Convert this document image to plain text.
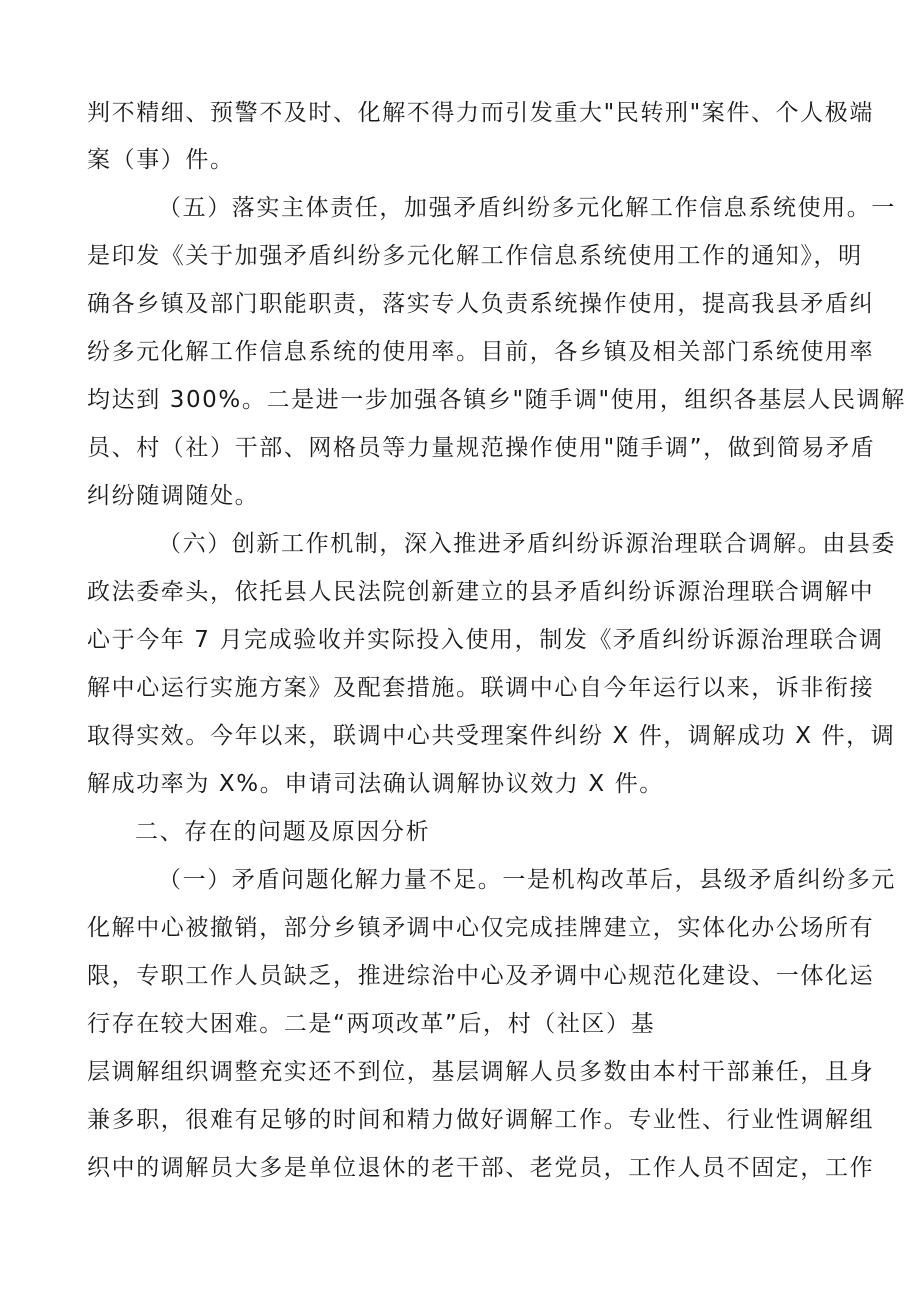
判不精细、预警不及时、化解不得力而引发重大"民转刑"案件、个人极端
案（事）件。
（五）落实主体责任，加强矛盾纠纷多元化解工作信息系统使用。一
是印发《关于加强矛盾纠纷多元化解工作信息系统使用工作的通知》，明
确各乡镇及部门职能职责，落实专人负责系统操作使用，提高我县矛盾纠
纷多元化解工作信息系统的使用率。目前，各乡镇及相关部门系统使用率
均达到 300%。二是进一步加强各镇乡"随手调"使用，组织各基层人民调解
员、村（社）干部、网格员等力量规范操作使用"随手调”，做到简易矛盾
纠纷随调随处。
（六）创新工作机制，深入推进矛盾纠纷诉源治理联合调解。由县委
政法委牵头，依托县人民法院创新建立的县矛盾纠纷诉源治理联合调解中
心于今年 7 月完成验收并实际投入使用，制发《矛盾纠纷诉源治理联合调
解中心运行实施方案》及配套措施。联调中心自今年运行以来，诉非衔接
取得实效。今年以来，联调中心共受理案件纠纷 X 件，调解成功 X 件，调
解成功率为 X%。申请司法确认调解协议效力 X 件。
二、存在的问题及原因分析
（一）矛盾问题化解力量不足。一是机构改革后，县级矛盾纠纷多元
化解中心被撤销，部分乡镇矛调中心仅完成挂牌建立，实体化办公场所有
限，专职工作人员缺乏，推进综治中心及矛调中心规范化建设、一体化运
行存在较大困难。二是“两项改革”后，村（社区）基
层调解组织调整充实还不到位，基层调解人员多数由本村干部兼任，且身
兼多职，很难有足够的时间和精力做好调解工作。专业性、行业性调解组
织中的调解员大多是单位退休的老干部、老党员，工作人员不固定，工作
